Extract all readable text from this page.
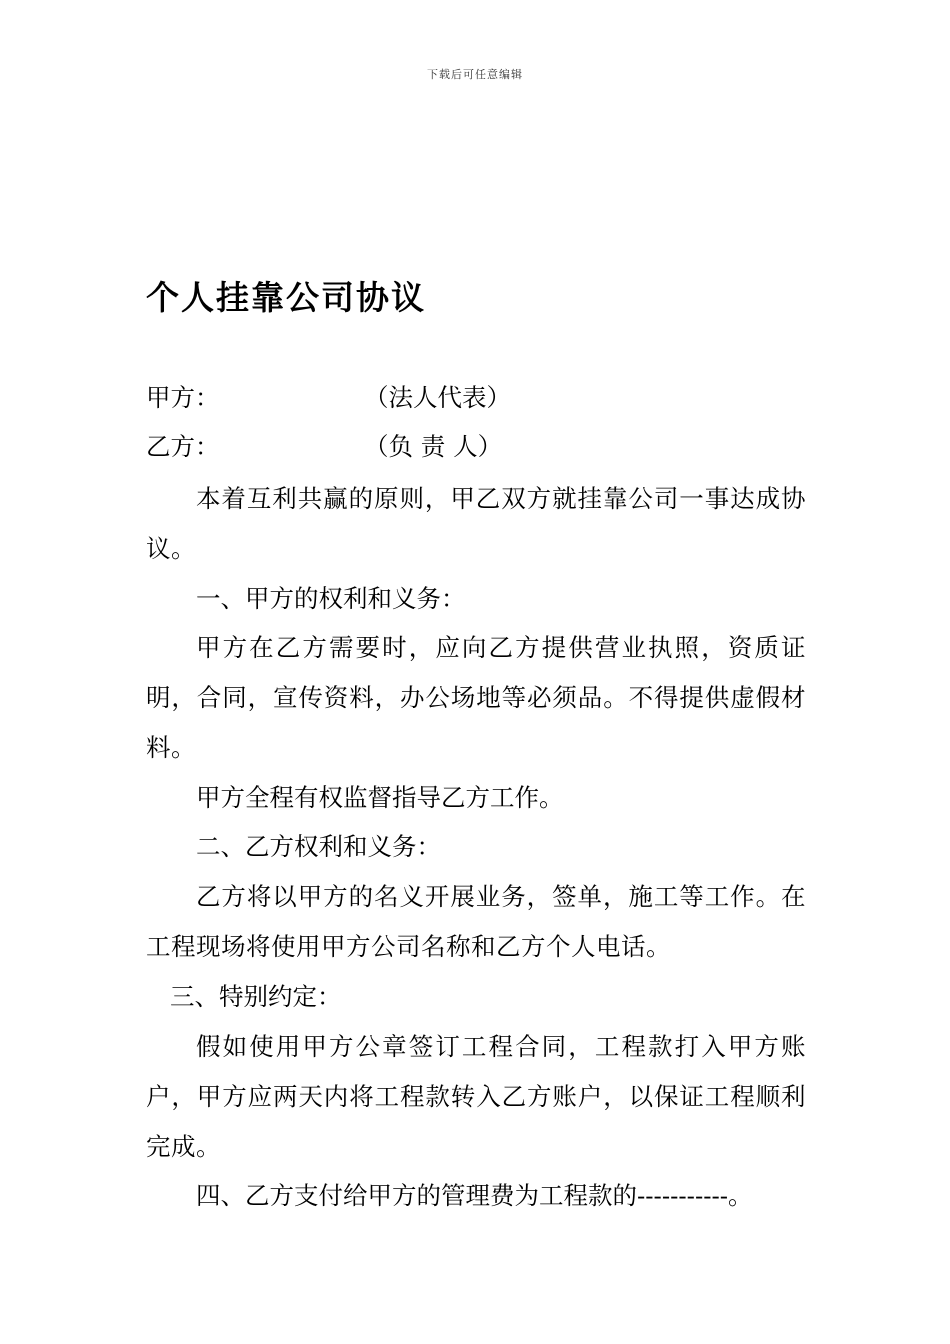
下载后可任意编辑
个人挂靠公司协议
甲方：	（法人代表）
乙方：	（负 责 人）
本着互利共赢的原则，甲乙双方就挂靠公司一事达成协议。
一、甲方的权利和义务：
甲方在乙方需要时，应向乙方提供营业执照，资质证明，合同，宣传资料，办公场地等必须品。不得提供虚假材料。
甲方全程有权监督指导乙方工作。
二、乙方权利和义务：
乙方将以甲方的名义开展业务，签单，施工等工作。在工程现场将使用甲方公司名称和乙方个人电话。
三、特别约定：
假如使用甲方公章签订工程合同，工程款打入甲方账户，甲方应两天内将工程款转入乙方账户，以保证工程顺利完成。
四、乙方支付给甲方的管理费为工程款的-----------。
